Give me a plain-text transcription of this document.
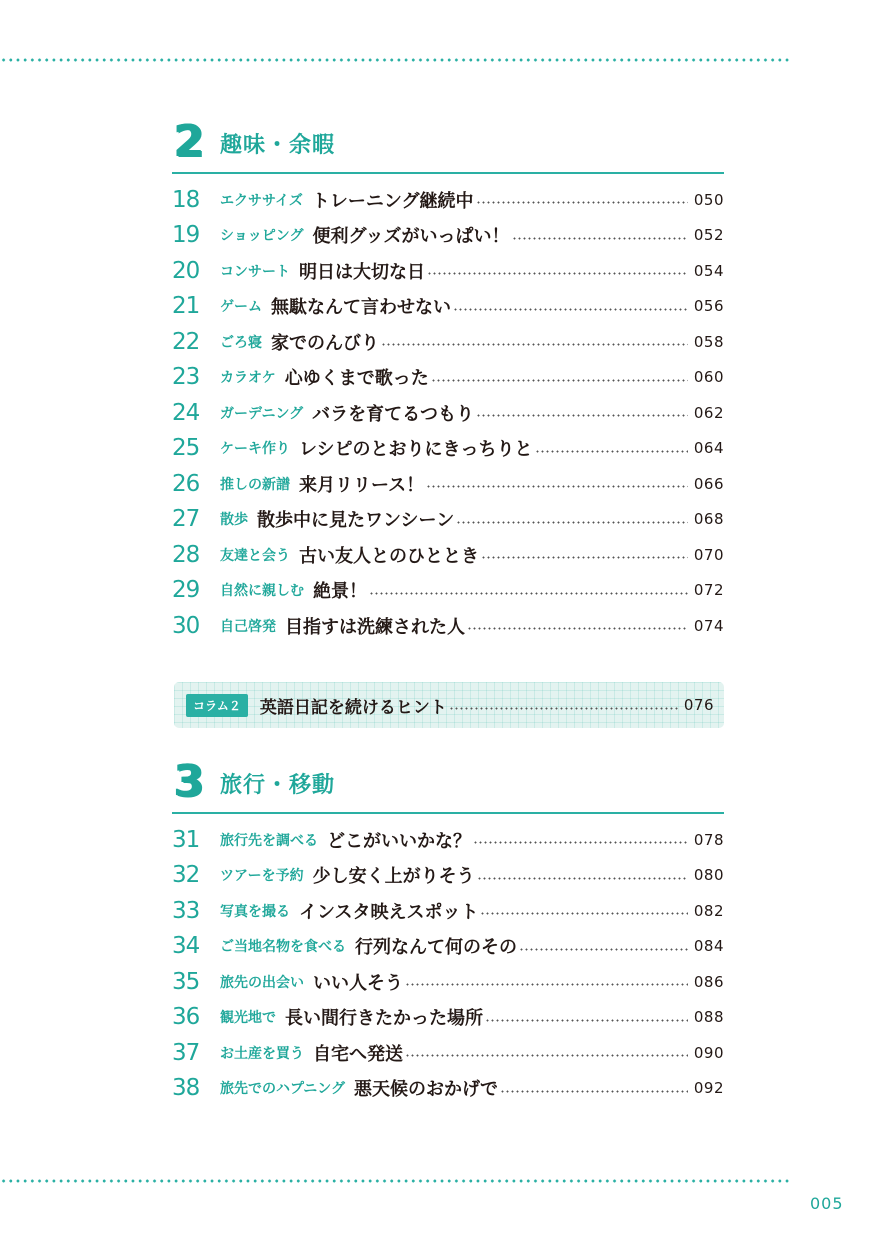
2 趣味・余暇
18	エクササイズ トレーニング継続中	050
19	ショッピング 便利グッズがいっぱい！	052
20	コンサート 明日は大切な日	054
21	ゲーム 無駄なんて言わせない	056
22	ごろ寝 家でのんびり	058
23	カラオケ 心ゆくまで歌った	060
24	ガーデニング バラを育てるつもり	062
25	ケーキ作り レシピのとおりにきっちりと	064
26	推しの新譜 来月リリース！	066
27	散歩 散歩中に見たワンシーン	068
28	友達と会う 古い友人とのひととき	070
29	自然に親しむ 絶景！	072
30	自己啓発 目指すは洗練された人	074
コラム２	英語日記を続けるヒント	076
3 旅行・移動
31	旅行先を調べる どこがいいかな？	078
32	ツアーを予約 少し安く上がりそう	080
33	写真を撮る インスタ映えスポット	082
34	ご当地名物を食べる 行列なんて何のその	084
35	旅先の出会い いい人そう	086
36	観光地で 長い間行きたかった場所	088
37	お土産を買う 自宅へ発送	090
38	旅先でのハプニング 悪天候のおかげで	092
005
